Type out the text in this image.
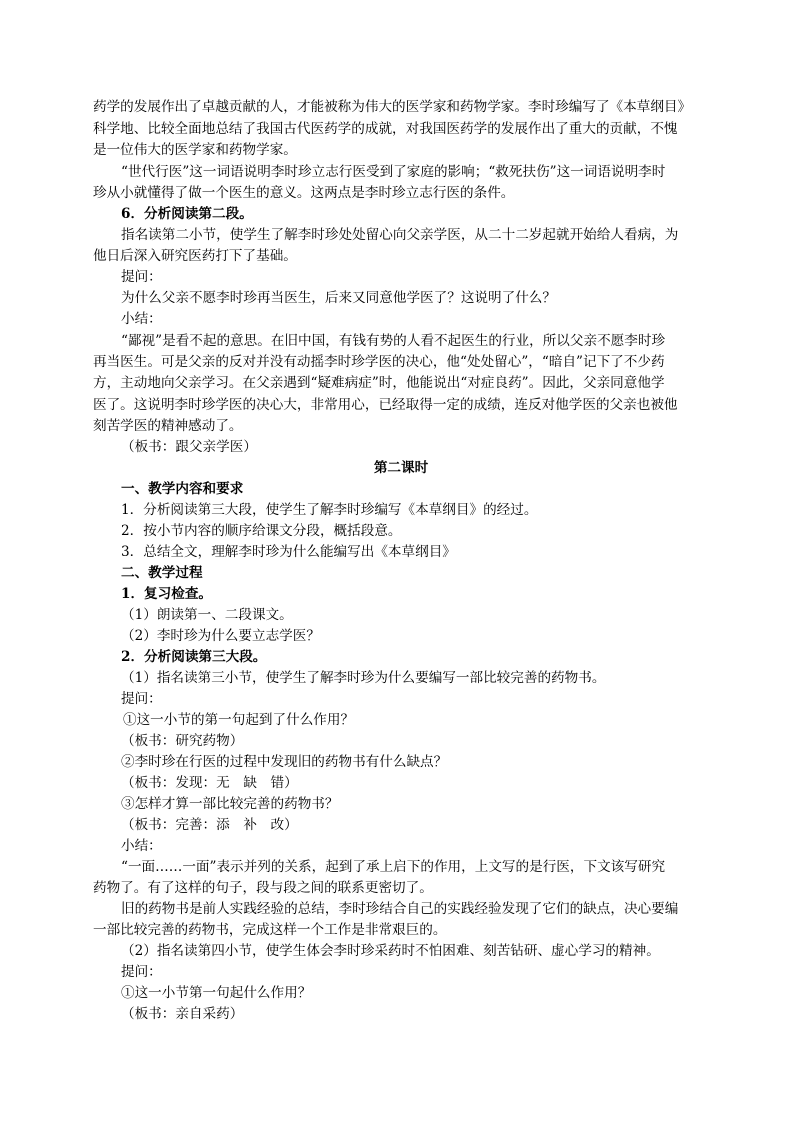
药学的发展作出了卓越贡献的人，才能被称为伟大的医学家和药物学家。李时珍编写了《本草纲目》
科学地、比较全面地总结了我国古代医药学的成就，对我国医药学的发展作出了重大的贡献，不愧
是一位伟大的医学家和药物学家。
“世代行医”这一词语说明李时珍立志行医受到了家庭的影响；“救死扶伤”这一词语说明李时
珍从小就懂得了做一个医生的意义。这两点是李时珍立志行医的条件。
6．分析阅读第二段。
指名读第二小节，使学生了解李时珍处处留心向父亲学医，从二十二岁起就开始给人看病，为
他日后深入研究医药打下了基础。
提问：
为什么父亲不愿李时珍再当医生，后来又同意他学医了？这说明了什么？
小结：
“鄙视”是看不起的意思。在旧中国，有钱有势的人看不起医生的行业，所以父亲不愿李时珍
再当医生。可是父亲的反对并没有动摇李时珍学医的决心，他“处处留心”，“暗自”记下了不少药
方，主动地向父亲学习。在父亲遇到“疑难病症”时，他能说出“对症良药”。因此，父亲同意他学
医了。这说明李时珍学医的决心大，非常用心，已经取得一定的成绩，连反对他学医的父亲也被他
刻苦学医的精神感动了。
（板书：跟父亲学医）
第二课时
一、教学内容和要求
1．分析阅读第三大段，使学生了解李时珍编写《本草纲目》的经过。
2．按小节内容的顺序给课文分段，概括段意。
3．总结全文，理解李时珍为什么能编写出《本草纲目》
二、教学过程
1．复习检查。
（1）朗读第一、二段课文。
（2）李时珍为什么要立志学医？
2．分析阅读第三大段。
（1）指名读第三小节，使学生了解李时珍为什么要编写一部比较完善的药物书。
提问：
①这一小节的第一句起到了什么作用？
（板书：研究药物）
②李时珍在行医的过程中发现旧的药物书有什么缺点？
（板书：发现：无　缺　错）
③怎样才算一部比较完善的药物书？
（板书：完善：添　补　改）
小结：
“一面……一面”表示并列的关系，起到了承上启下的作用，上文写的是行医，下文该写研究
药物了。有了这样的句子，段与段之间的联系更密切了。
旧的药物书是前人实践经验的总结，李时珍结合自己的实践经验发现了它们的缺点，决心要编
一部比较完善的药物书，完成这样一个工作是非常艰巨的。
（2）指名读第四小节，使学生体会李时珍采药时不怕困难、刻苦钻研、虚心学习的精神。
提问：
①这一小节第一句起什么作用？
（板书：亲自采药）
